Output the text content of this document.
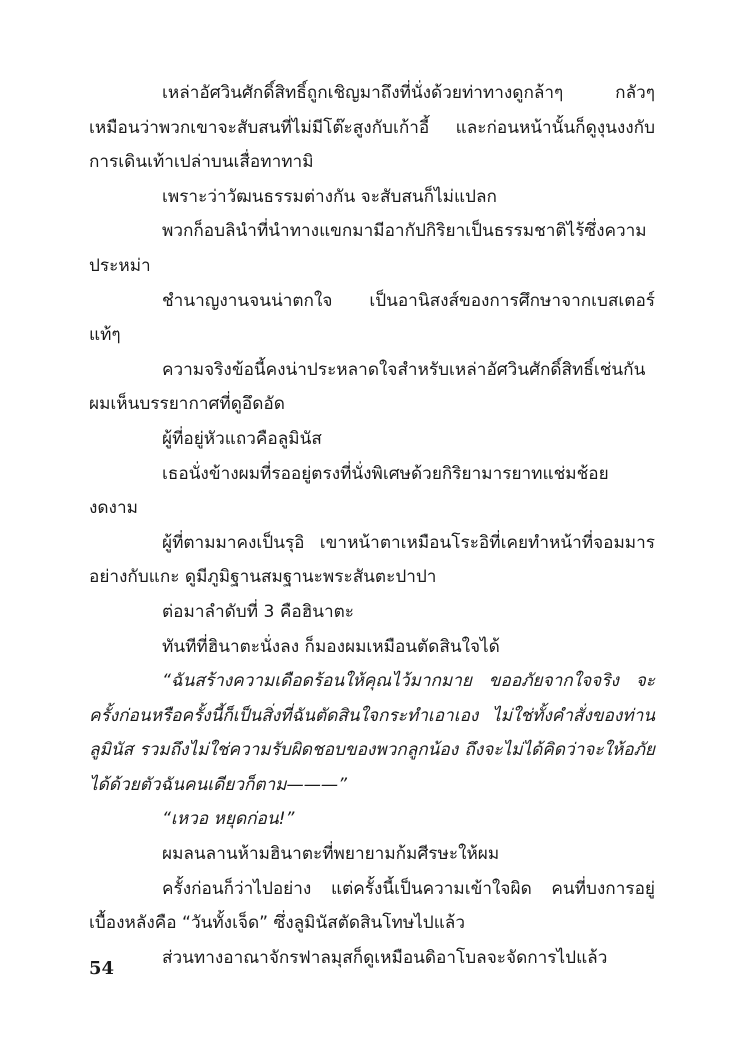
เหล่าอัศวินศักดิ์สิทธิ์ถูกเชิญมาถึงที่นั่งด้วยท่าทางดูกล้าๆ กลัวๆ เหมือนว่าพวกเขาจะสับสนที่ไม่มีโต๊ะสูงกับเก้าอี้ และก่อนหน้านั้นก็ดูงุนงงกับการเดินเท้าเปล่าบนเสื่อทาทามิ

เพราะว่าวัฒนธรรมต่างกัน จะสับสนก็ไม่แปลก

พวกก็อบลินำที่นำทางแขกมามีอากัปกิริยาเป็นธรรมชาติไร้ซึ่งความประหม่า

ชำนาญงานจนน่าตกใจ เป็นอานิสงส์ของการศึกษาจากเบสเตอร์แท้ๆ

ความจริงข้อนี้คงน่าประหลาดใจสำหรับเหล่าอัศวินศักดิ์สิทธิ์เช่นกัน ผมเห็นบรรยากาศที่ดูอึดอัด

ผู้ที่อยู่หัวแถวคือลูมินัส

เธอนั่งข้างผมที่รออยู่ตรงที่นั่งพิเศษด้วยกิริยามารยาทแช่มช้อยงดงาม

ผู้ที่ตามมาคงเป็นรุอิ เขาหน้าตาเหมือนโระอิที่เคยทำหน้าที่จอมมารอย่างกับแกะ ดูมีภูมิฐานสมฐานะพระสันตะปาปา

ต่อมาลำดับที่ 3 คือฮินาตะ

ทันทีที่ฮินาตะนั่งลง ก็มองผมเหมือนตัดสินใจได้

“ฉันสร้างความเดือดร้อนให้คุณไว้มากมาย ขออภัยจากใจจริง จะครั้งก่อนหรือครั้งนี้ก็เป็นสิ่งที่ฉันตัดสินใจกระทำเอาเอง ไม่ใช่ทั้งคำสั่งของท่านลูมินัส รวมถึงไม่ใช่ความรับผิดชอบของพวกลูกน้อง ถึงจะไม่ได้คิดว่าจะให้อภัยได้ด้วยตัวฉันคนเดียวก็ตาม———”

“เหวอ หยุดก่อน!”

ผมลนลานห้ามฮินาตะที่พยายามก้มศีรษะให้ผม

ครั้งก่อนก็ว่าไปอย่าง แต่ครั้งนี้เป็นความเข้าใจผิด คนที่บงการอยู่เบื้องหลังคือ “วันทั้งเจ็ด” ซึ่งลูมินัสตัดสินโทษไปแล้ว

ส่วนทางอาณาจักรฟาลมุสก็ดูเหมือนดิอาโบลจะจัดการไปแล้ว

54
